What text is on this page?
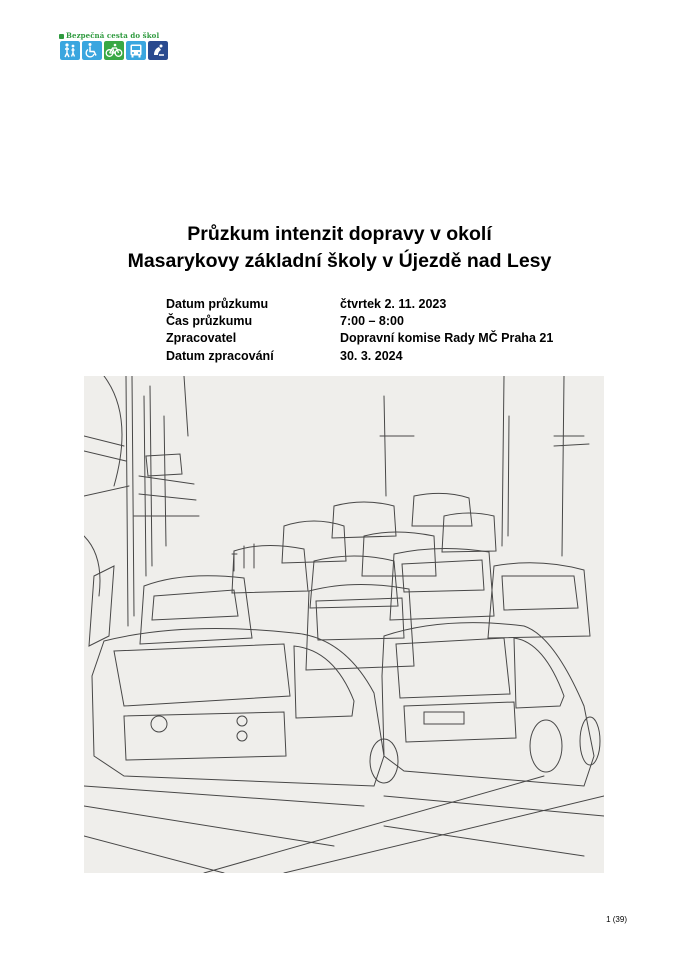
Bezpečná cesta do škol
Průzkum intenzit dopravy v okolí
Masarykovy základní školy v Újezdě nad Lesy
Datum průzkumu	čtvrtek 2. 11. 2023
Čas průzkumu	7:00 – 8:00
Zpracovatel	Dopravní komise Rady MČ Praha 21
Datum zpracování	30. 3. 2024
1 (39)
